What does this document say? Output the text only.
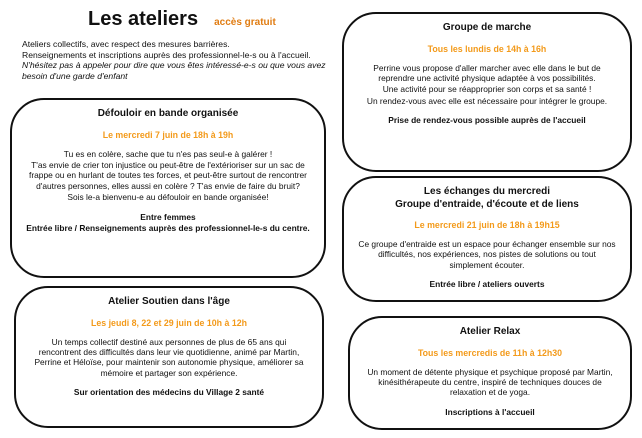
Les ateliers accès gratuit
Ateliers collectifs, avec respect des mesures barrières.
Renseignements et inscriptions auprès des professionnel-le-s ou à l'accueil.
N'hésitez pas à appeler pour dire que vous êtes intéressé-e-s ou que vous avez besoin d'une garde d'enfant
Défouloir en bande organisée
Le mercredi 7 juin de 18h à 19h

Tu es en colère, sache que tu n'es pas seul-e à galérer !

T'as envie de crier ton injustice ou peut-être de l'extérioriser sur un sac de frappe ou en hurlant de toutes tes forces, et peut-être surtout de rencontrer d'autres personnes, elles aussi en colère ? T'as envie de faire du bruit?

Sois le-a bienvenu-e au défouloir en bande organisée!

Entre femmes

Entrée libre / Renseignements auprès des professionnel-le-s du centre.

Atelier Soutien dans l'âge
Les jeudi 8, 22 et 29 juin de 10h à 12h

Un temps collectif destiné aux personnes de plus de 65 ans qui rencontrent des difficultés dans leur vie quotidienne, animé par Martin, Perrine et Héloïse, pour maintenir son autonomie physique, améliorer sa mémoire et partager son expérience.

Sur orientation des médecins du Village 2 santé

Groupe de marche
Tous les lundis de 14h à 16h

Perrine vous propose d'aller marcher avec elle dans le but de reprendre une activité physique adaptée à vos possibilités.

Une activité pour se réapproprier son corps et sa santé !

Un rendez-vous avec elle est nécessaire pour intégrer le groupe.

Prise de rendez-vous possible auprès de l'accueil

Les échanges du mercredi
Groupe d'entraide, d'écoute et de liens
Le mercredi 21 juin de 18h à 19h15

Ce groupe d'entraide est un espace pour échanger ensemble sur nos difficultés, nos expériences, nos pistes de solutions ou tout simplement écouter.

Entrée libre / ateliers ouverts

Atelier Relax
Tous les mercredis de 11h à 12h30

Un moment de détente physique et psychique proposé par Martin, kinésithérapeute du centre, inspiré de techniques douces de relaxation et de yoga.

Inscriptions à l'accueil
